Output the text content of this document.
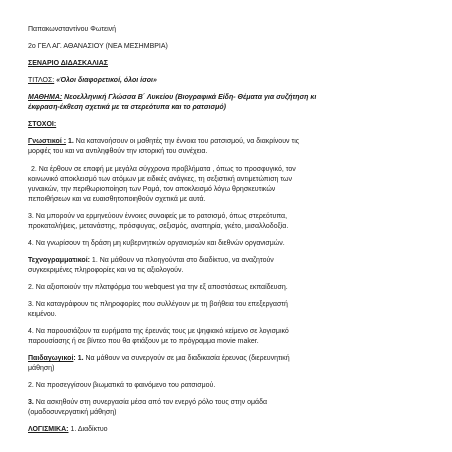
Παπακωνσταντίνου Φωτεινή
2ο ΓΕΛ ΑΓ. ΑΘΑΝΑΣΙΟΥ (ΝΕΑ ΜΕΣΗΜΒΡΙΑ)
ΣΕΝΑΡΙΟ ΔΙΔΑΣΚΑΛΙΑΣ
ΤΙΤΛΟΣ: «Όλοι διαφορετικοί, όλοι ίσοι»
ΜΑΘΗΜΑ: Νεοελληνική Γλώσσα Β΄ Λυκείου (Βιογραφικά Είδη- Θέματα για συζήτηση κι
έκφραση-έκθεση σχετικά με τα στερεότυπα και το ρατσισμό)
ΣΤΟΧΟΙ:
Γνωστικοί : 1. Να κατανοήσουν οι μαθητές την έννοια του ρατσισμού, να διακρίνουν τις
μορφές του και να αντιληφθούν την ιστορική του συνέχεια.
2. Να έρθουν σε επαφή με μεγάλα σύγχρονα προβλήματα , όπως το προσφυγικό, τον
κοινωνικό αποκλεισμό των ατόμων με ειδικές ανάγκες, τη σεξιστική αντιμετώπιση των
γυναικών, την περιθωριοποίηση των Ρομά, τον αποκλεισμό λόγω θρησκευτικών
πεποιθήσεων και να ευαισθητοποιηθούν σχετικά με αυτά.
3. Να μπορούν να ερμηνεύουν έννοιες συναφείς με το ρατσισμό, όπως στερεότυπα,
προκαταλήψεις, μετανάστης, πρόσφυγας, σεξισμός, αναπηρία, γκέτο, μισαλλοδοξία.
4. Να γνωρίσουν τη δράση μη κυβερνητικών οργανισμών και διεθνών οργανισμών.
Τεχνογραμματικοί: 1. Να μάθουν να πλοηγούνται στο διαδίκτυο, να αναζητούν
συγκεκριμένες πληροφορίες και να τις αξιολογούν.
2. Να αξιοποιούν την πλατφόρμα του webquest για την εξ αποστάσεως εκπαίδευση.
3. Να καταγράφουν τις πληροφορίες που συλλέγουν με τη βοήθεια του επεξεργαστή
κειμένου.
4. Να παρουσιάζουν τα ευρήματα της έρευνάς τους με ψηφιακό κείμενο σε λογισμικό
παρουσίασης ή σε βίντεο που θα φτιάξουν με το πρόγραμμα movie maker.
Παιδαγωγικοί: 1. Να μάθουν να συνεργούν σε μια διαδικασία έρευνας (διερευνητική
μάθηση)
2. Να προσεγγίσουν βιωματικά το φαινόμενο του ρατσισμού.
3. Να ασκηθούν στη συνεργασία μέσα από τον ενεργό ρόλο τους στην ομάδα
(ομαδοσυνεργατική μάθηση)
ΛΟΓΙΣΜΙΚΑ: 1. Διαδίκτυο
